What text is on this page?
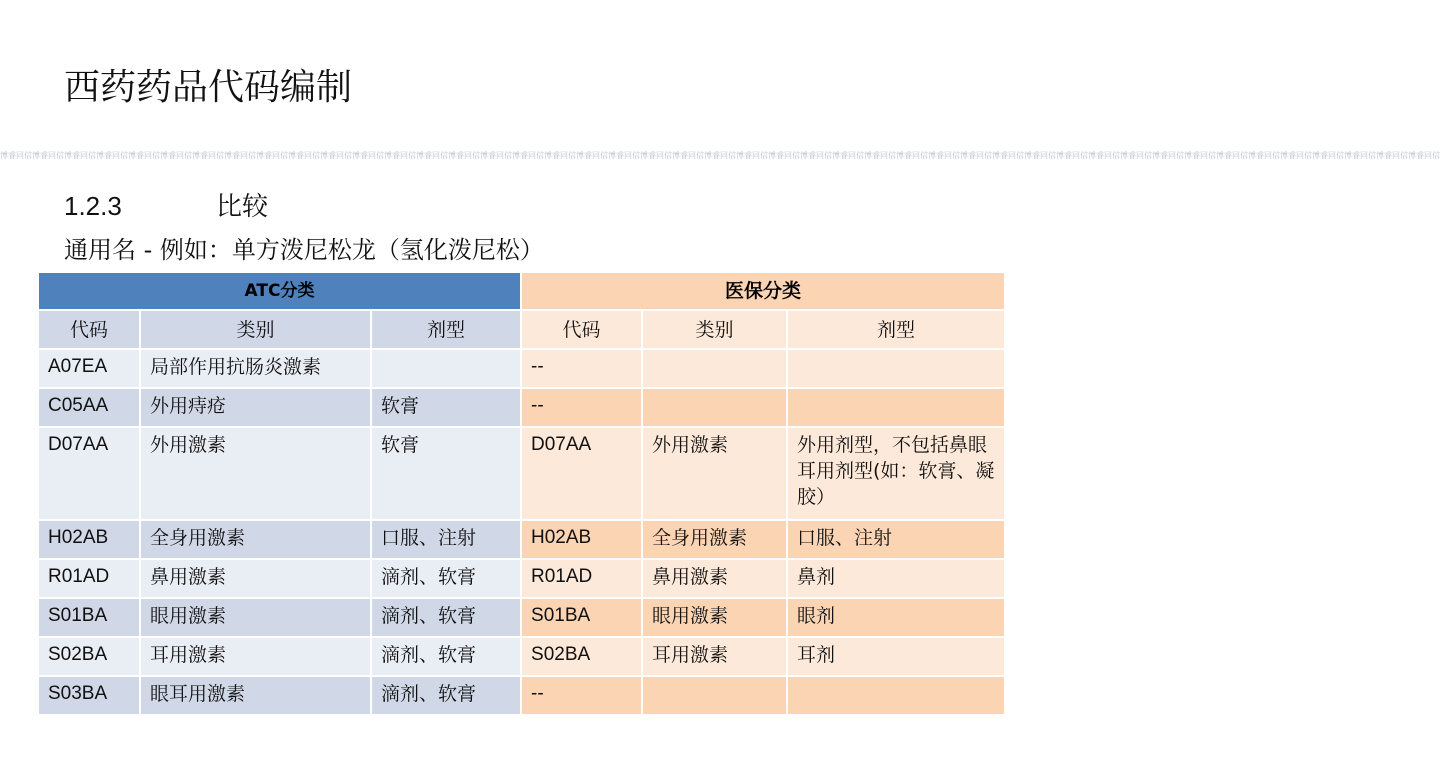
西药药品代码编制
博睿同信博睿同信博睿同信博睿同信博睿同信博睿同信博睿同信博睿同信博睿同信博睿同信博睿同信博睿同信博睿同信博睿同信博睿同信博睿同信博睿同信博睿同信博睿同信博睿同信博睿同信博睿同信博睿同信博睿同信博睿同信博睿同信博睿同信博睿同信博睿同信博睿同信博睿同信博睿同信博睿同信博睿同信博睿同信博睿同信博睿同信博睿同信博睿同信博睿同信博睿同信博睿同信博睿同信博睿同信博睿同信
1.2.3	比较
通用名 - 例如：单方泼尼松龙（氢化泼尼松）
ATC分类			医保分类		
代码	类别	剂型	代码	类别	剂型
A07EA	局部作用抗肠炎激素		--		
C05AA	外用痔疮	软膏	--		
D07AA	外用激素	软膏	D07AA	外用激素	外用剂型，不包括鼻眼耳用剂型(如：软膏、凝胶）
H02AB	全身用激素	口服、注射	H02AB	全身用激素	口服、注射
R01AD	鼻用激素	滴剂、软膏	R01AD	鼻用激素	鼻剂
S01BA	眼用激素	滴剂、软膏	S01BA	眼用激素	眼剂
S02BA	耳用激素	滴剂、软膏	S02BA	耳用激素	耳剂
S03BA	眼耳用激素	滴剂、软膏	--		
